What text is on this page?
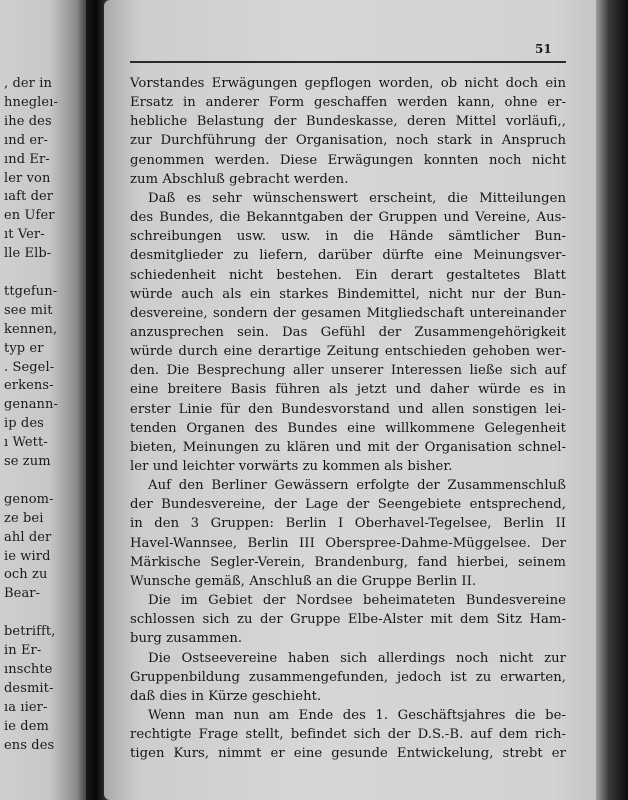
, der in
hnegleı-
ihe des
ınd er-
ınd Er-
ler von
ıaft der
en Ufer
ıt Ver-
lle Elb-
ttgefun-
see mit
kennen,
typ er
. Segel-
erkens-
genann-
ip des
ı Wett-
se zum
genom-
ze bei
ahl der
ie wird
och zu
Bear-
betrifft,
in Er-
ınschte
desmit-
ıa ıier-
ie dem
ens des
51
Vorstandes Erwägungen gepflogen worden, ob nicht doch ein
Ersatz in anderer Form geschaffen werden kann, ohne er-
hebliche Belastung der Bundeskasse, deren Mittel vorläufi,,
zur Durchführung der Organisation, noch stark in Anspruch
genommen werden. Diese Erwägungen konnten noch nicht
zum Abschluß gebracht werden.
Daß es sehr wünschenswert erscheint, die Mitteilungen
des Bundes, die Bekanntgaben der Gruppen und Vereine, Aus-
schreibungen usw. usw. in die Hände sämtlicher Bun-
desmitglieder zu liefern, darüber dürfte eine Meinungsver-
schiedenheit nicht bestehen. Ein derart gestaltetes Blatt
würde auch als ein starkes Bindemittel, nicht nur der Bun-
desvereine, sondern der gesamen Mitgliedschaft untereinander
anzusprechen sein. Das Gefühl der Zusammengehörigkeit
würde durch eine derartige Zeitung entschieden gehoben wer-
den. Die Besprechung aller unserer Interessen ließe sich auf
eine breitere Basis führen als jetzt und daher würde es in
erster Linie für den Bundesvorstand und allen sonstigen lei-
tenden Organen des Bundes eine willkommene Gelegenheit
bieten, Meinungen zu klären und mit der Organisation schnel-
ler und leichter vorwärts zu kommen als bisher.
Auf den Berliner Gewässern erfolgte der Zusammenschluß
der Bundesvereine, der Lage der Seengebiete entsprechend,
in den 3 Gruppen: Berlin I Oberhavel-Tegelsee, Berlin II
Havel-Wannsee, Berlin III Oberspree-Dahme-Müggelsee. Der
Märkische Segler-Verein, Brandenburg, fand hierbei, seinem
Wunsche gemäß, Anschluß an die Gruppe Berlin II.
Die im Gebiet der Nordsee beheimateten Bundesvereine
schlossen sich zu der Gruppe Elbe-Alster mit dem Sitz Ham-
burg zusammen.
Die Ostseevereine haben sich allerdings noch nicht zur
Gruppenbildung zusammengefunden, jedoch ist zu erwarten,
daß dies in Kürze geschieht.
Wenn man nun am Ende des 1. Geschäftsjahres die be-
rechtigte Frage stellt, befindet sich der D.S.-B. auf dem rich-
tigen Kurs, nimmt er eine gesunde Entwickelung, strebt er
